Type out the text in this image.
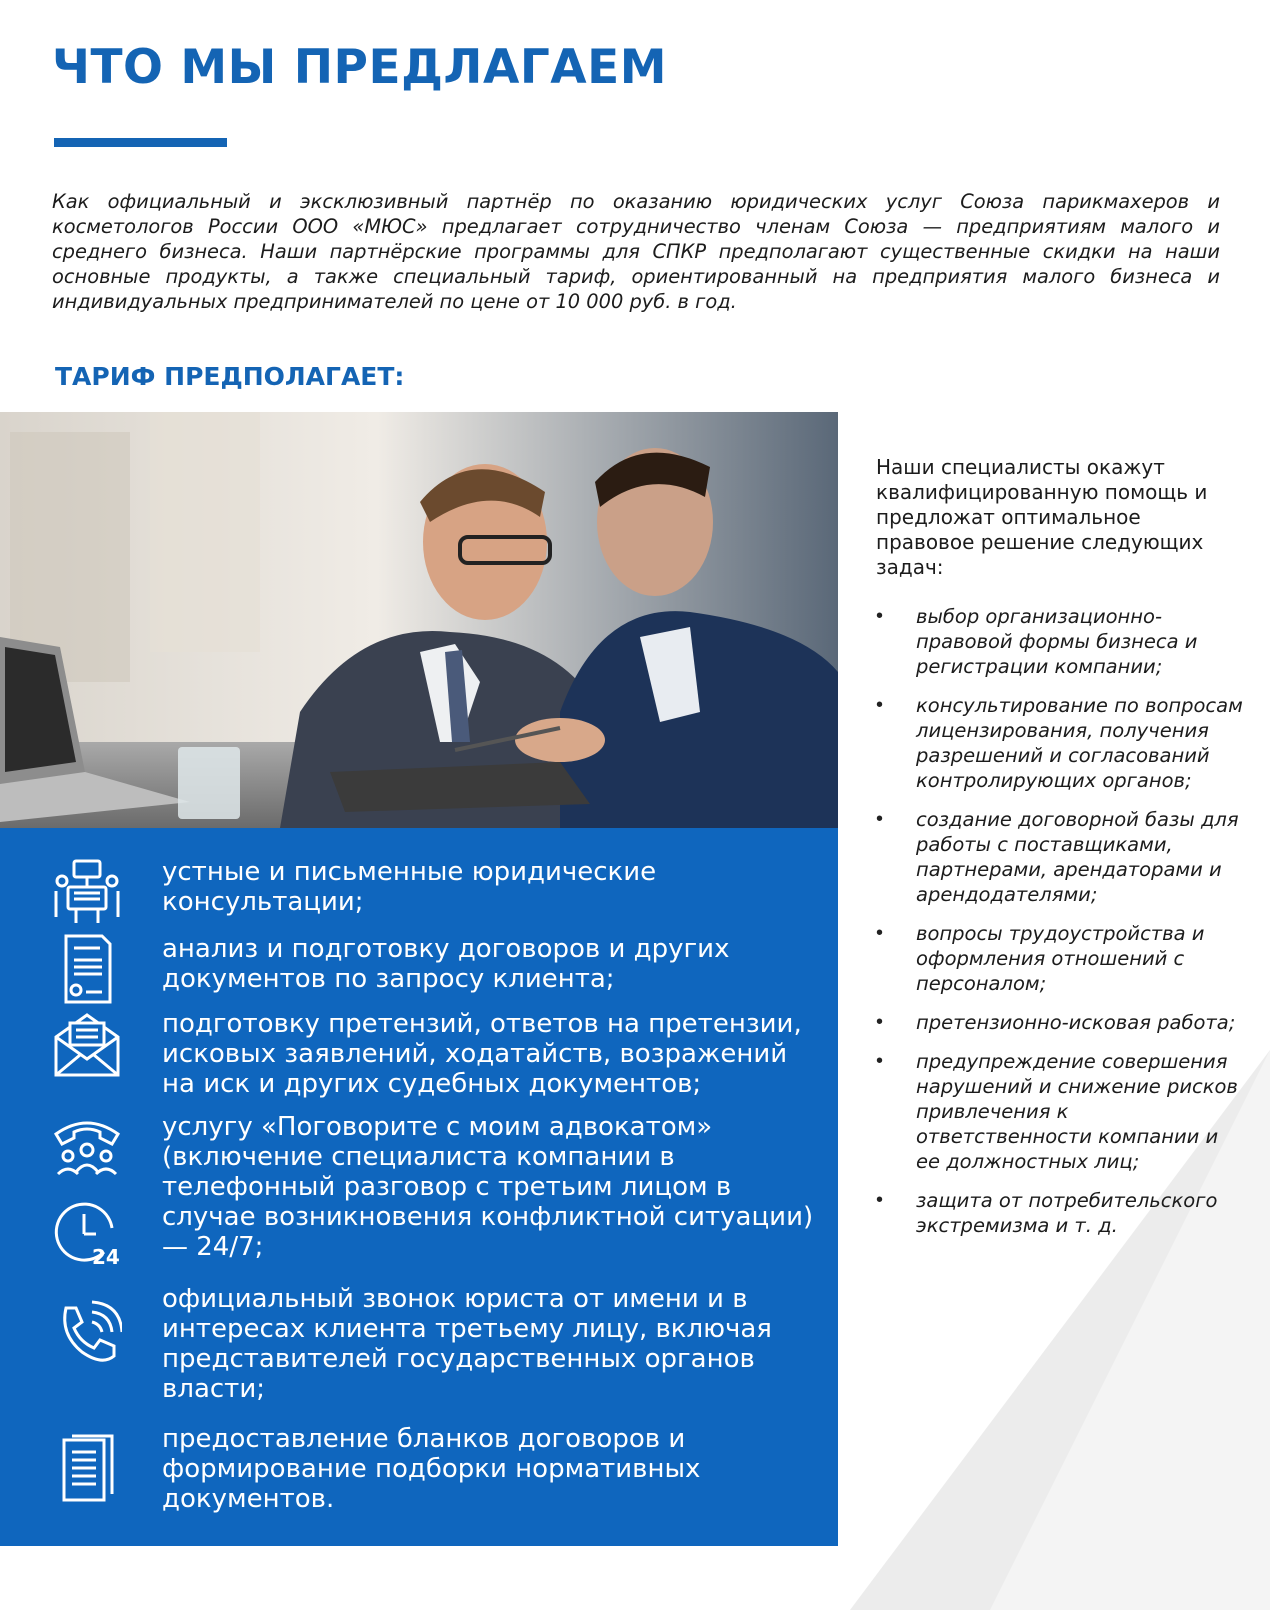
ЧТО МЫ ПРЕДЛАГАЕМ

Как официальный и эксклюзивный партнёр по оказанию юридических услуг Союза парикмахеров и косметологов России ООО «МЮС» предлагает сотрудничество членам Союза — предприятиям малого и среднего бизнеса. Наши партнёрские программы для СПКР предполагают существенные скидки на наши основные продукты, а также специальный тариф, ориентированный на предприятия малого бизнеса и индивидуальных предпринимателей по цене от 10 000 руб. в год.

ТАРИФ ПРЕДПОЛАГАЕТ:

устные и письменные юридические консультации;

анализ и подготовку договоров и других документов по запросу клиента;

подготовку претензий, ответов на претензии, исковых заявлений, ходатайств, возражений на иск и других судебных документов;

24

услугу «Поговорите с моим адвокатом» (включение специалиста компании в телефонный разговор с третьим лицом в случае возникновения конфликтной ситуации) — 24/7;

официальный звонок юриста от имени и в интересах клиента третьему лицу, включая представителей государственных органов власти;

предоставление бланков договоров и формирование подборки нормативных документов.

Наши специалисты окажут квалифицированную помощь и предложат оптимальное правовое решение следующих задач:

• выбор организационно-правовой формы бизнеса и регистрации компании;
• консультирование по вопросам лицензирования, получения разрешений и согласований контролирующих органов;
• создание договорной базы для работы с поставщиками, партнерами, арендаторами и арендодателями;
• вопросы трудоустройства и оформления отношений с персоналом;
• претензионно-исковая работа;
• предупреждение совершения нарушений и снижение рисков привлечения к ответственности компании и ее должностных лиц;
• защита от потребительского экстремизма и т. д.
